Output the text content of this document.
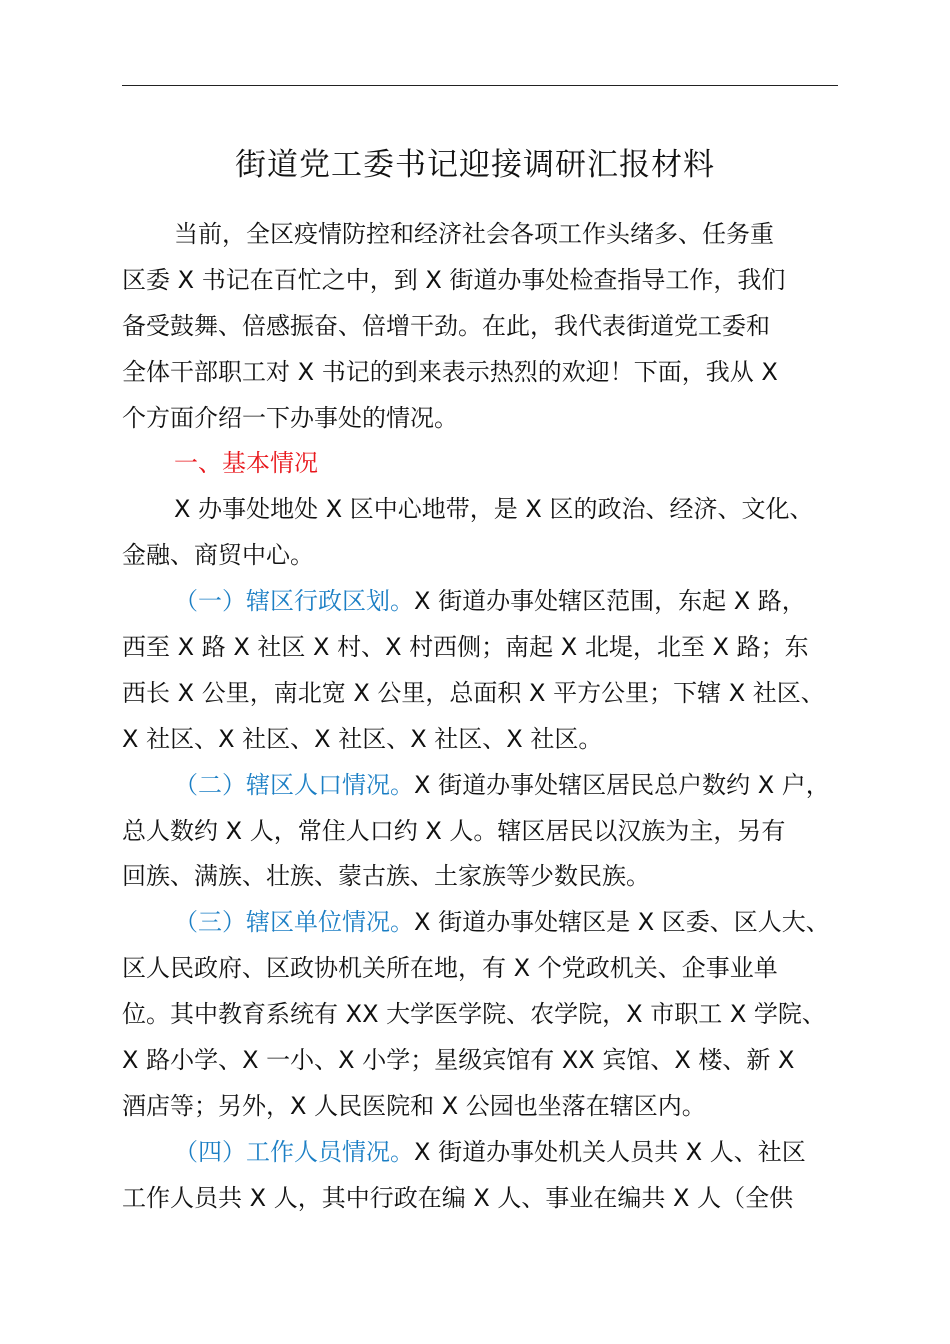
街道党工委书记迎接调研汇报材料
当前，全区疫情防控和经济社会各项工作头绪多、任务重
区委 X 书记在百忙之中，到 X 街道办事处检查指导工作，我们
备受鼓舞、倍感振奋、倍增干劲。在此，我代表街道党工委和
全体干部职工对 X 书记的到来表示热烈的欢迎！下面，我从 X
个方面介绍一下办事处的情况。
一、基本情况
X 办事处地处 X 区中心地带，是 X 区的政治、经济、文化、
金融、商贸中心。
（一）辖区行政区划。X 街道办事处辖区范围，东起 X 路，
西至 X 路 X 社区 X 村、X 村西侧；南起 X 北堤，北至 X 路；东
西长 X 公里，南北宽 X 公里，总面积 X 平方公里；下辖 X 社区、
X 社区、X 社区、X 社区、X 社区、X 社区。
（二）辖区人口情况。X 街道办事处辖区居民总户数约 X 户，
总人数约 X 人，常住人口约 X 人。辖区居民以汉族为主，另有
回族、满族、壮族、蒙古族、土家族等少数民族。
（三）辖区单位情况。X 街道办事处辖区是 X 区委、区人大、
区人民政府、区政协机关所在地，有 X 个党政机关、企事业单
位。其中教育系统有 XX 大学医学院、农学院，X 市职工 X 学院、
X 路小学、X 一小、X 小学；星级宾馆有 XX 宾馆、X 楼、新 X
酒店等；另外，X 人民医院和 X 公园也坐落在辖区内。
（四）工作人员情况。X 街道办事处机关人员共 X 人、社区
工作人员共 X 人，其中行政在编 X 人、事业在编共 X 人（全供
